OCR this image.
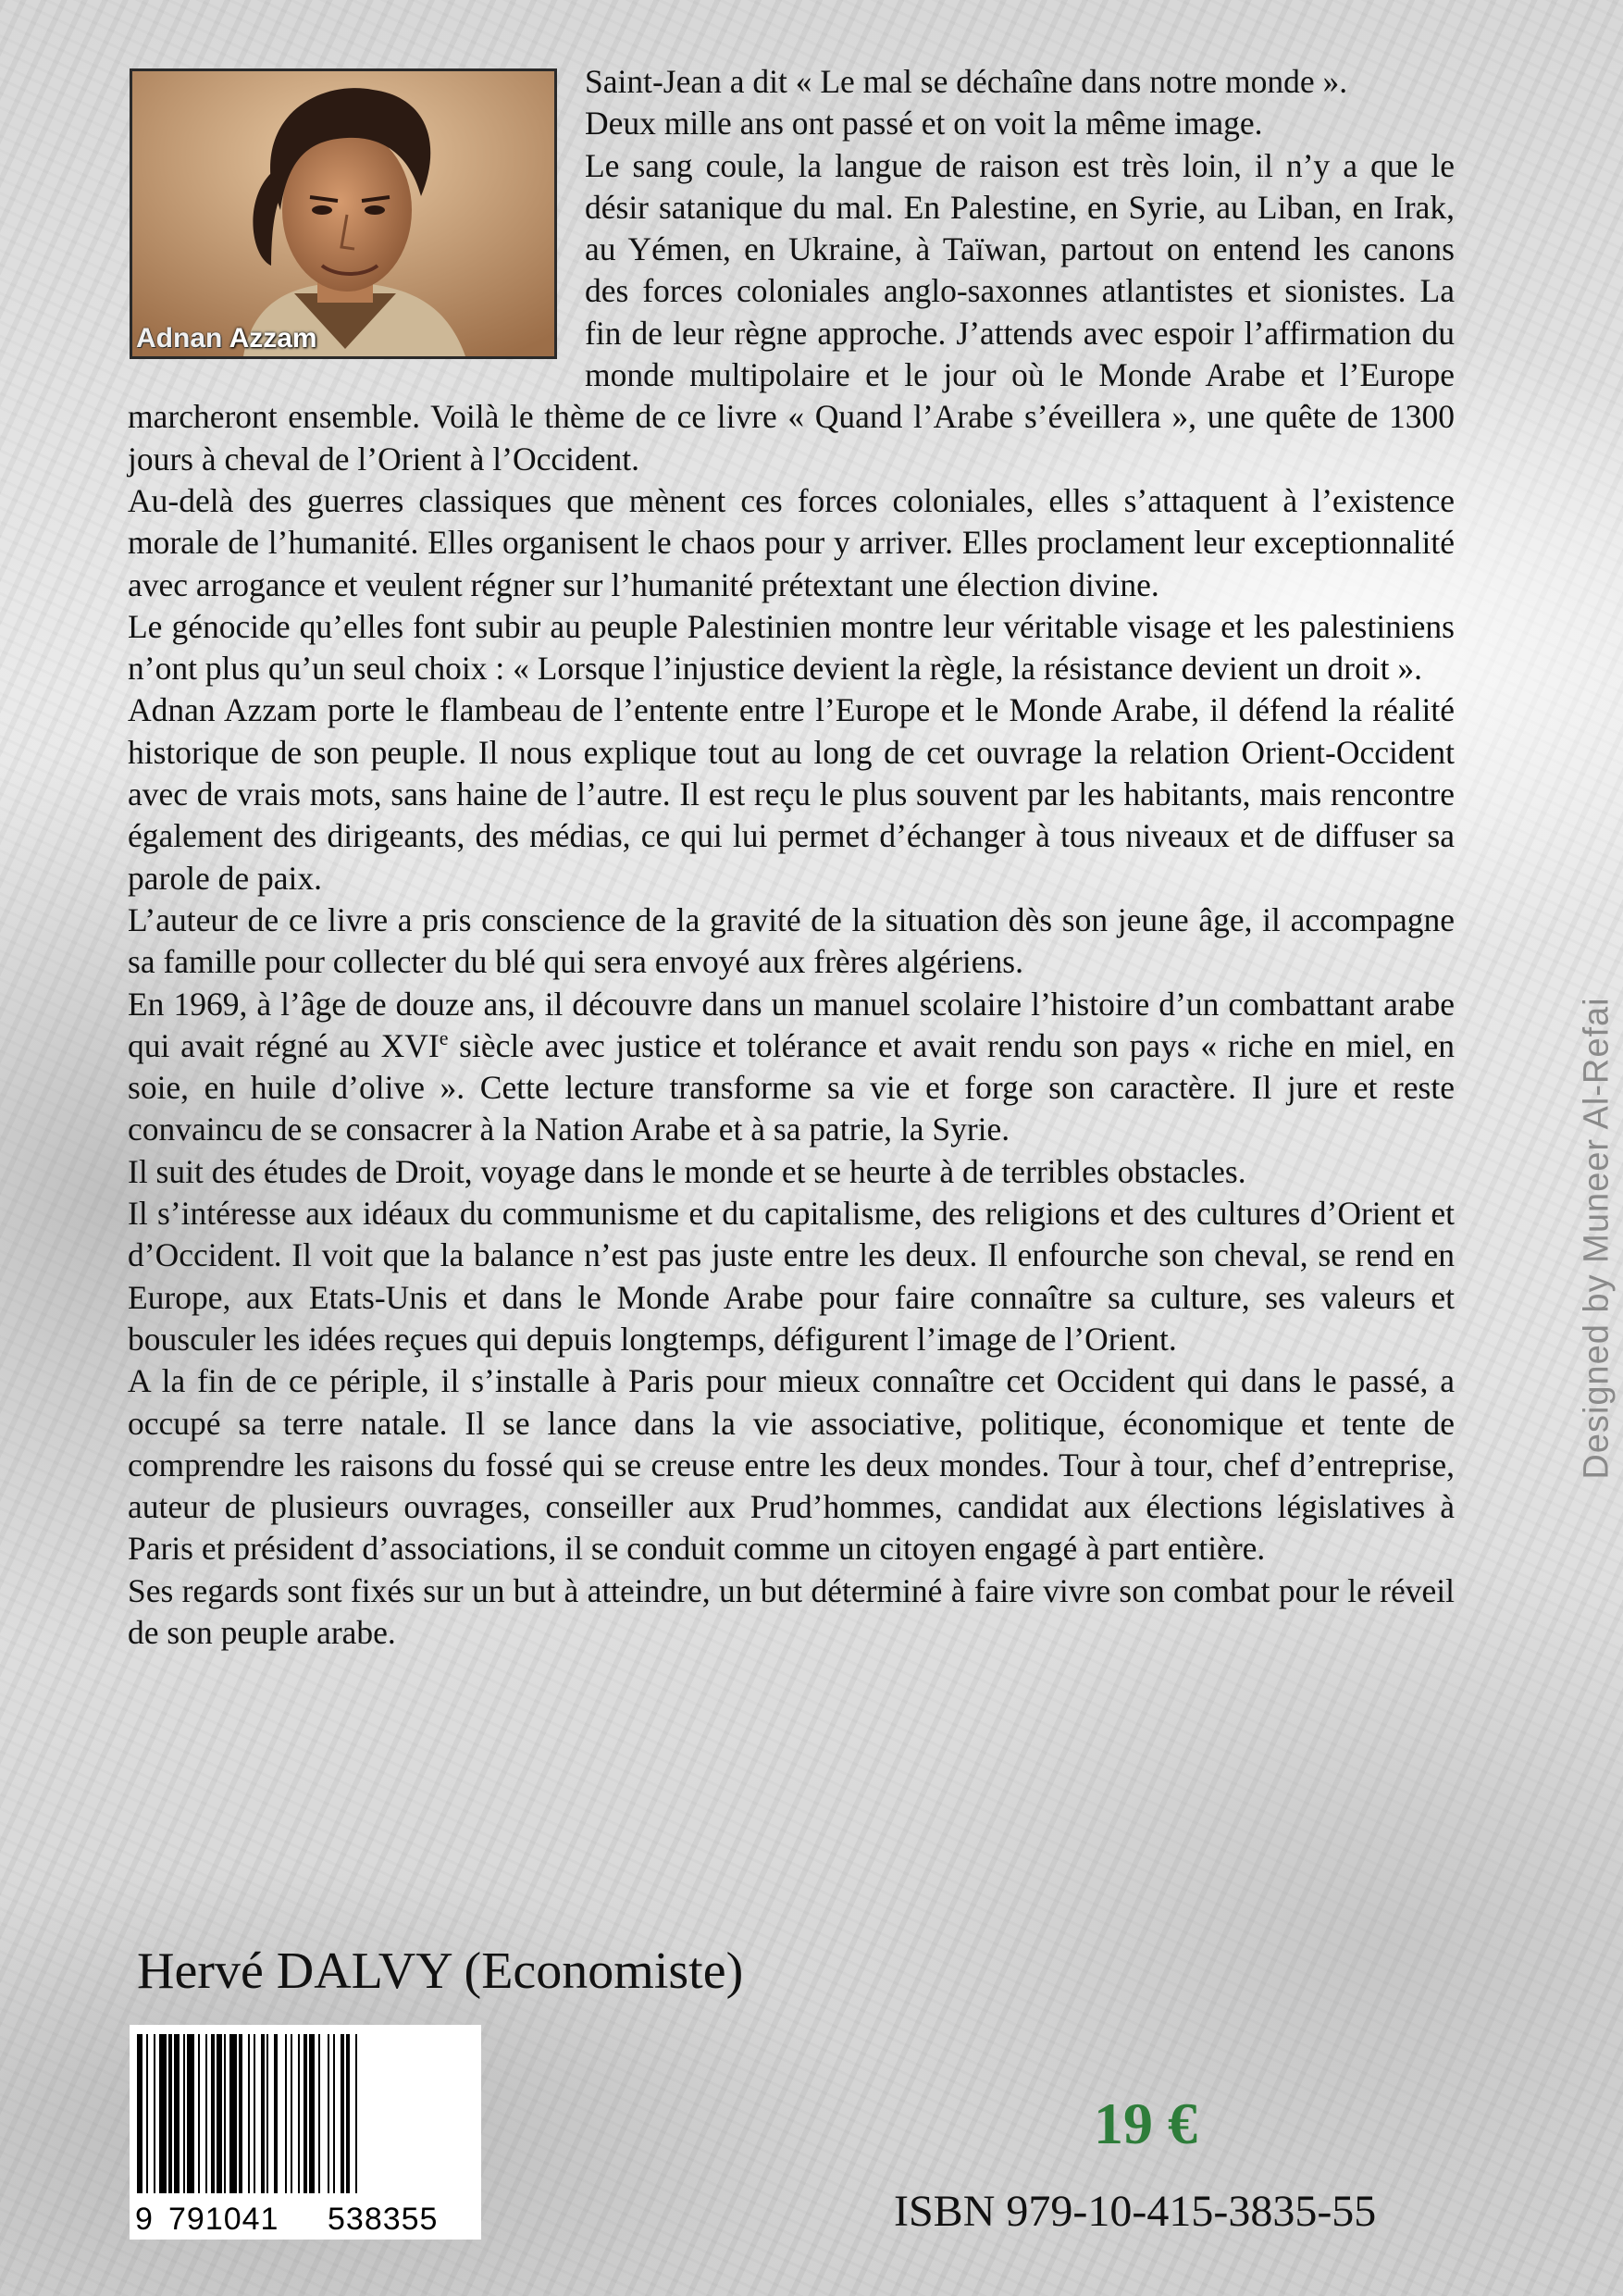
Adnan Azzam

Saint-Jean a dit « Le mal se déchaîne dans notre monde ».

Deux mille ans ont passé et on voit la même image.

Le sang coule, la langue de raison est très loin, il n’y a que le désir satanique du mal. En Palestine, en Syrie, au Liban, en Irak, au Yémen, en Ukraine, à Taïwan, partout on entend les canons des forces coloniales anglo-saxonnes atlantistes et sionistes. La fin de leur règne approche. J’attends avec espoir l’affirmation du monde multipolaire et le jour où le Monde Arabe et l’Europe marcheront ensemble. Voilà le thème de ce livre « Quand l’Arabe s’éveillera », une quête de 1300 jours à cheval de l’Orient à l’Occident.

Au-delà des guerres classiques que mènent ces forces coloniales, elles s’attaquent à l’existence morale de l’humanité. Elles organisent le chaos pour y arriver. Elles proclament leur exceptionnalité avec arrogance et veulent régner sur l’humanité prétextant une élection divine.

Le génocide qu’elles font subir au peuple Palestinien montre leur véritable visage et les palestiniens n’ont plus qu’un seul choix : « Lorsque l’injustice devient la règle, la résistance devient un droit ».

Adnan Azzam porte le flambeau de l’entente entre l’Europe et le Monde Arabe, il défend la réalité historique de son peuple. Il nous explique tout au long de cet ouvrage la relation Orient-Occident avec de vrais mots, sans haine de l’autre. Il est reçu le plus souvent par les habitants, mais rencontre également des dirigeants, des médias, ce qui lui permet d’échanger à tous niveaux et de diffuser sa parole de paix.

L’auteur de ce livre a pris conscience de la gravité de la situation dès son jeune âge, il accompagne sa famille pour collecter du blé qui sera envoyé aux frères algériens.

En 1969, à l’âge de douze ans, il découvre dans un manuel scolaire l’histoire d’un combattant arabe qui avait régné au XVIe siècle avec justice et tolérance et avait rendu son pays « riche en miel, en soie, en huile d’olive ». Cette lecture transforme sa vie et forge son caractère. Il jure et reste convaincu de se consacrer à la Nation Arabe et à sa patrie, la Syrie.

Il suit des études de Droit, voyage dans le monde et se heurte à de terribles obstacles.

Il s’intéresse aux idéaux du communisme et du capitalisme, des religions et des cultures d’Orient et d’Occident. Il voit que la balance n’est pas juste entre les deux. Il enfourche son cheval, se rend en Europe, aux Etats-Unis et dans le Monde Arabe pour faire connaître sa culture, ses valeurs et bousculer les idées reçues qui depuis longtemps, défigurent l’image de l’Orient.

A la fin de ce périple, il s’installe à Paris pour mieux connaître cet Occident qui dans le passé, a occupé sa terre natale. Il se lance dans la vie associative, politique, économique et tente de comprendre les raisons du fossé qui se creuse entre les deux mondes. Tour à tour, chef d’entreprise, auteur de plusieurs ouvrages, conseiller aux Prud’hommes, candidat aux élections législatives à Paris et président d’associations, il se conduit comme un citoyen engagé à part entière.

Ses regards sont fixés sur un but à atteindre, un but déterminé à faire vivre son combat pour le réveil de son peuple arabe.

Hervé DALVY (Economiste)
9 791041 538355
19 €
ISBN 979-10-415-3835-55
Designed by Muneer Al-Refai
